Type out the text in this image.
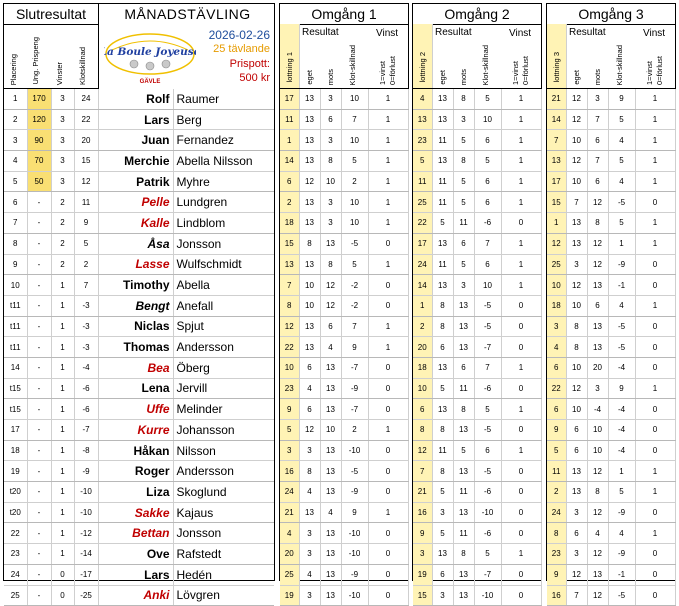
Slutresultat	MÅNADSTÄVLING
Placering Ung. Prispeng Vinster Klotskillnad La Boule Joyeuse
GÄVLE
2026-02-26
25 tävlande
Prispott:
500 kr
1	170	3	24	Rolf	Raumer
2	120	3	22	Lars	Berg
3	90	3	20	Juan	Fernandez
4	70	3	15	Merchie	Abella Nilsson
5	50	3	12	Patrik	Myhre
6	-	2	11	Pelle	Lundgren
7	-	2	9	Kalle	Lindblom
8	-	2	5	Åsa	Jonsson
9	-	2	2	Lasse	Wulfschmidt
10	-	1	7	Timothy	Abella
t11	-	1	-3	Bengt	Anefall
t11	-	1	-3	Niclas	Spjut
t11	-	1	-3	Thomas	Andersson
14	-	1	-4	Bea	Öberg
t15	-	1	-6	Lena	Jervill
t15	-	1	-6	Uffe	Melinder
17	-	1	-7	Kurre	Johansson
18	-	1	-8	Håkan	Nilsson
19	-	1	-9	Roger	Andersson
t20	-	1	-10	Liza	Skoglund
t20	-	1	-10	Sakke	Kajaus
22	-	1	-12	Bettan	Jonsson
23	-	1	-14	Ove	Rafstedt
24	-	0	-17	Lars	Hedén
25	-	0	-25	Anki	Lövgren
Omgång 1
lottning 1
Resultat	Vinst
eget mots Klot-skillnad	1=vinst 0=förlust
17	13	3	10	1
11	13	6	7	1
1	13	3	10	1
14	13	8	5	1
6	12	10	2	1
2	13	3	10	1
18	13	3	10	1
15	8	13	-5	0
13	13	8	5	1
7	10	12	-2	0
8	10	12	-2	0
12	13	6	7	1
22	13	4	9	1
10	6	13	-7	0
23	4	13	-9	0
9	6	13	-7	0
5	12	10	2	1
3	3	13	-10	0
16	8	13	-5	0
24	4	13	-9	0
21	13	4	9	1
4	3	13	-10	0
20	3	13	-10	0
25	4	13	-9	0
19	3	13	-10	0
Omgång 2
lottning 2
Resultat	Vinst
eget mots Klot-skillnad	1=vinst 0=förlust
4	13	8	5	1
13	13	3	10	1
23	11	5	6	1
5	13	8	5	1
11	11	5	6	1
25	11	5	6	1
22	5	11	-6	0
17	13	6	7	1
24	11	5	6	1
14	13	3	10	1
1	8	13	-5	0
2	8	13	-5	0
20	6	13	-7	0
18	13	6	7	1
10	5	11	-6	0
6	13	8	5	1
8	8	13	-5	0
12	11	5	6	1
7	8	13	-5	0
21	5	11	-6	0
16	3	13	-10	0
9	5	11	-6	0
3	13	8	5	1
19	6	13	-7	0
15	3	13	-10	0
Omgång 3
lottning 3
Resultat	Vinst
eget mots Klot-skillnad	1=vinst 0=förlust
21	12	3	9	1
14	12	7	5	1
7	10	6	4	1
13	12	7	5	1
17	10	6	4	1
15	7	12	-5	0
1	13	8	5	1
12	13	12	1	1
25	3	12	-9	0
10	12	13	-1	0
18	10	6	4	1
3	8	13	-5	0
4	8	13	-5	0
6	10	20	-4	0
22	12	3	9	1
6	10	-4	-4	0
9	6	10	-4	0
5	6	10	-4	0
11	13	12	1	1
2	13	8	5	1
24	3	12	-9	0
8	6	4	4	1
23	3	12	-9	0
9	12	13	-1	0
16	7	12	-5	0
